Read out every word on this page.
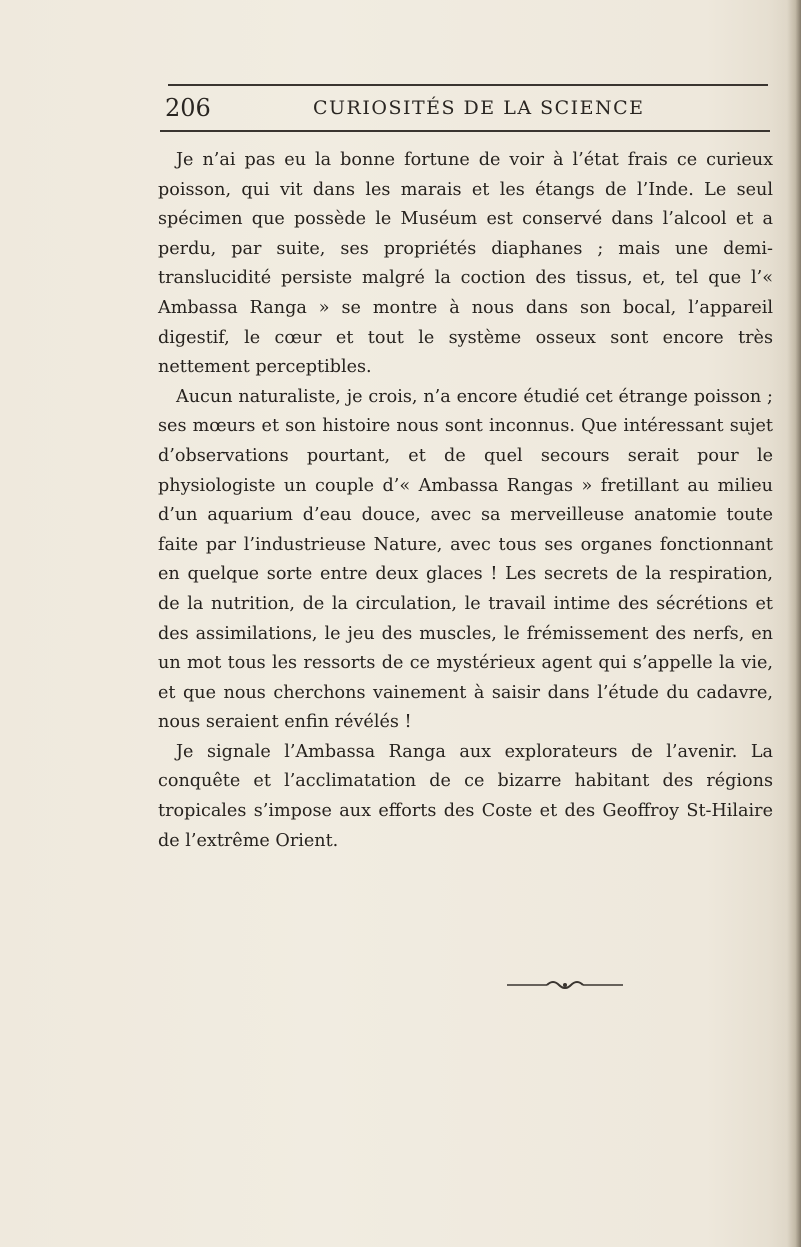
206	CURIOSITÉS DE LA SCIENCE

Je n’ai pas eu la bonne fortune de voir à l’état frais ce curieux poisson, qui vit dans les marais et les étangs de l’Inde. Le seul spécimen que possède le Muséum est conservé dans l’alcool et a perdu, par suite, ses propriétés diaphanes ; mais une demi-translucidité persiste malgré la coction des tissus, et, tel que l’« Ambassa Ranga » se montre à nous dans son bocal, l’appareil digestif, le cœur et tout le système osseux sont encore très nettement perceptibles.

Aucun naturaliste, je crois, n’a encore étudié cet étrange poisson ; ses mœurs et son histoire nous sont inconnus. Que intéressant sujet d’observations pourtant, et de quel secours serait pour le physiologiste un couple d’« Ambassa Rangas » fretillant au milieu d’un aquarium d’eau douce, avec sa merveilleuse anatomie toute faite par l’industrieuse Nature, avec tous ses organes fonctionnant en quelque sorte entre deux glaces ! Les secrets de la respiration, de la nutrition, de la circulation, le travail intime des sécrétions et des assimilations, le jeu des muscles, le frémissement des nerfs, en un mot tous les ressorts de ce mystérieux agent qui s’appelle la vie, et que nous cherchons vainement à saisir dans l’étude du cadavre, nous seraient enfin révélés !

Je signale l’Ambassa Ranga aux explorateurs de l’avenir. La conquête et l’acclimatation de ce bizarre habitant des régions tropicales s’impose aux efforts des Coste et des Geoffroy St-Hilaire de l’extrême Orient.
